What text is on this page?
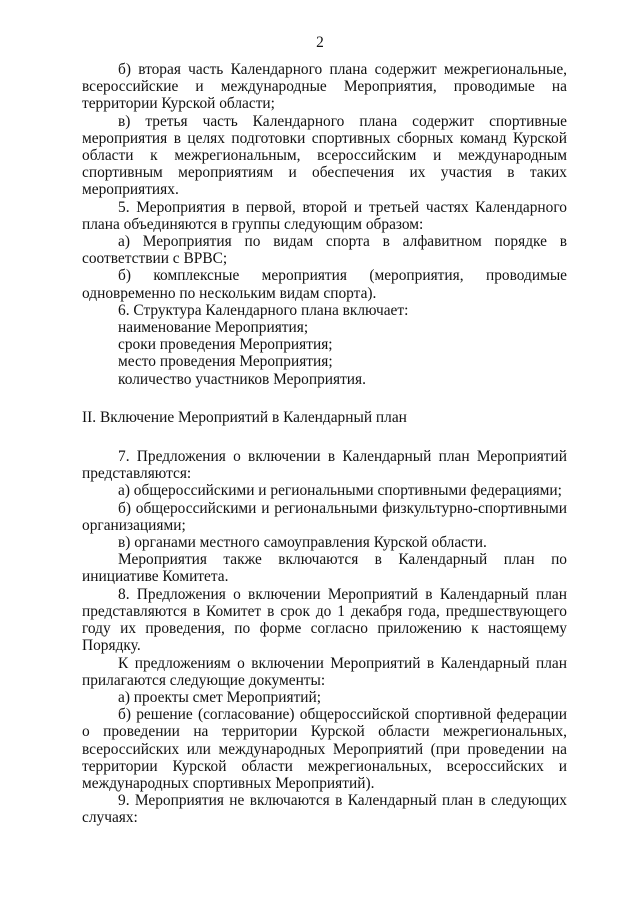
2

б) вторая часть Календарного плана содержит межрегиональные, всероссийские и международные Мероприятия, проводимые на территории Курской области;

в) третья часть Календарного плана содержит спортивные мероприятия в целях подготовки спортивных сборных команд Курской области к межрегиональным, всероссийским и международным спортивным мероприятиям и обеспечения их участия в таких мероприятиях.

5. Мероприятия в первой, второй и третьей частях Календарного плана объединяются в группы следующим образом:

а) Мероприятия по видам спорта в алфавитном порядке в соответствии с ВРВС;

б) комплексные мероприятия (мероприятия, проводимые одновременно по нескольким видам спорта).

6. Структура Календарного плана включает:

наименование Мероприятия;

сроки проведения Мероприятия;

место проведения Мероприятия;

количество участников Мероприятия.

II. Включение Мероприятий в Календарный план

7. Предложения о включении в Календарный план Мероприятий представляются:

а) общероссийскими и региональными спортивными федерациями;

б) общероссийскими и региональными физкультурно-спортивными организациями;

в) органами местного самоуправления Курской области.

Мероприятия также включаются в Календарный план по инициативе Комитета.

8. Предложения о включении Мероприятий в Календарный план представляются в Комитет в срок до 1 декабря года, предшествующего году их проведения, по форме согласно приложению к настоящему Порядку.

К предложениям о включении Мероприятий в Календарный план прилагаются следующие документы:

а) проекты смет Мероприятий;

б) решение (согласование) общероссийской спортивной федерации о проведении на территории Курской области межрегиональных, всероссийских или международных Мероприятий (при проведении на территории Курской области межрегиональных, всероссийских и международных спортивных Мероприятий).

9. Мероприятия не включаются в Календарный план в следующих случаях:
